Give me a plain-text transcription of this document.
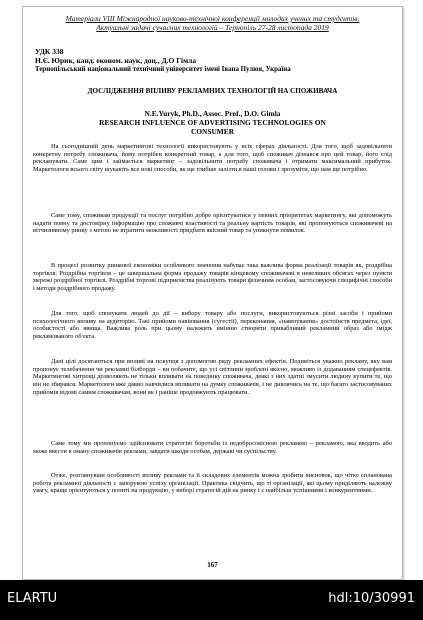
Матеріали VIII Міжнародної науково-технічної конференції молодих учених та студентів.
Актуальні задачі сучасних технологій – Тернопіль 27-28 листопада 2019
УДК 338
Н.Є. Юрик, канд. економ. наук, доц., Д.О Гімла
Тернопільський національний технічний університет імені Івана Пулюя, Україна
ДОСЛІДЖЕННЯ ВПЛИВУ РЕКЛАМНИХ ТЕХНОЛОГІЙ НА СПОЖИВАЧА
N.E.Yuryk, Ph.D., Assoc. Prof., D.O. Gimla
RESEARCH INFLUENCE OF ADVERTISING TECHNOLOGIES ON
CONSUMER

На сьогоднішній день маркетингові технології використовують у всіх сферах діяльності. Для того, щоб задовільнити конкретну потребу споживача, йому потрібен конкретний товар, а для того, щоб споживач дізнався про цей товар, його слід рекламувати. Саме цим і займається маркетинг – задовільнити потребу споживача і отримати максимальний прибуток. Маркетологи всього світу шукають все нові способи, як ще глибше залізти в наші голови і зрозуміти, що нам ще потрібно.

Саме тому, споживам продукції та послуг потрібно добре орієнтуватися у певних пріоритетах маркетингу, які допоможуть надати повну та достовірну інформацію про споживчі властивості та реальну вартість товарів, які пропонуються споживачеві на вітчизняному ринку з метою не втратити можливості придбати якісний товар та уникнути помилок.

В процесі розвитку ринкової економіки особливого значення набуває така важлива форма реалізації товарів як, роздрібна торгівля. Роздрібна торгівля – це завершальна форма продажу товарів кінцевому споживачеві в невеликих обсягах через пункти мережі роздрібної торгівлі. Роздрібні торгові підприємства реалізують товари фізичним особам, застосовуючи специфічні способи і методи роздрібного продажу.

Для того, щоб спонукати людей до дії – вибору товару або послуги, використовуються різні засоби і прийоми психологічного впливу на аудиторію. Такі прийоми навіювання (сугестії), переконання, «навязування» достоїнств предмета, ідеї, особистості або явища. Важлива роль при цьому належить вмінню створити привабливий рекламний образ або імідж рекламованого об'єкта.

Дані цілі досягаються при впливі на покупця з допомогою ряду рекламних ефектів. Подивіться уважно рекламу, яку вам пропонує телебачення чи рекламні білборди – ви побачите, що усі світлини зроблені якісно, можливо із додаванням спецефектів. Маркетингові хитрощі дозволяють не тільки впливати на поведінку споживача, деякі з них здатні змусити людину купити те, що він не збирався. Маркетологи вже давно навчилися впливати на думку споживачів, і не дивлячись на те, що багато застосовуваних прийомів відомі самим споживачам, вони як і раніше продовжують працювати.

Саме тому ми пропонуємо здійснювати стратегію боротьби із недобросовісною рекламою – рекламою, яка вводить або може ввести в оману споживачів реклами, завдати шкоди особам, державі чи суспільству.

Отже, розглянувши особливості впливу реклами та її складових елементів можна зробити висновок, що чітко спланована робота рекламної діяльності є запорукою успіху організації. Практика свідчить, що ті організації, які цьому приділяють належну увагу, краще орієнтуються у попиті на продукцію, у виборі стратегій дій на ринку і є найбільш успішними і конкурентними.

167
ELARTU	hdl:10/30991
